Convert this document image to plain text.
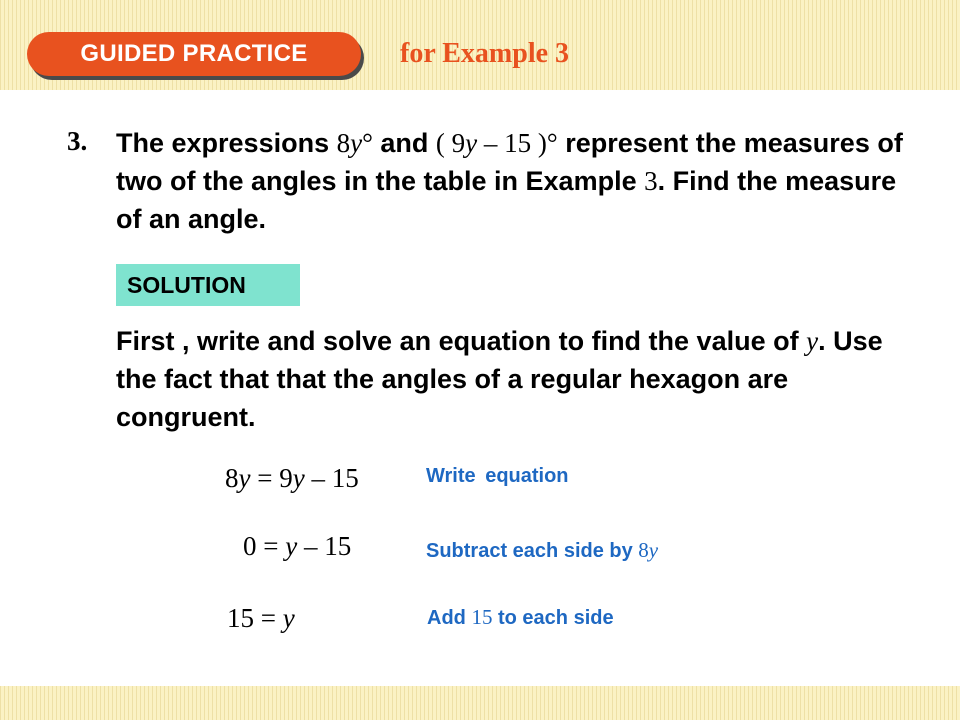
GUIDED PRACTICE	for Example 3
3. The expressions 8y° and ( 9y – 15 )° represent the measures of two of the angles in the table in Example 3. Find the measure of an angle.
SOLUTION
First , write and solve an equation to find the value of y. Use the fact that that the angles of a regular hexagon are congruent.
8y = 9y – 15	Write equation
0 = y – 15	Subtract each side by 8y
15 = y	Add 15 to each side
